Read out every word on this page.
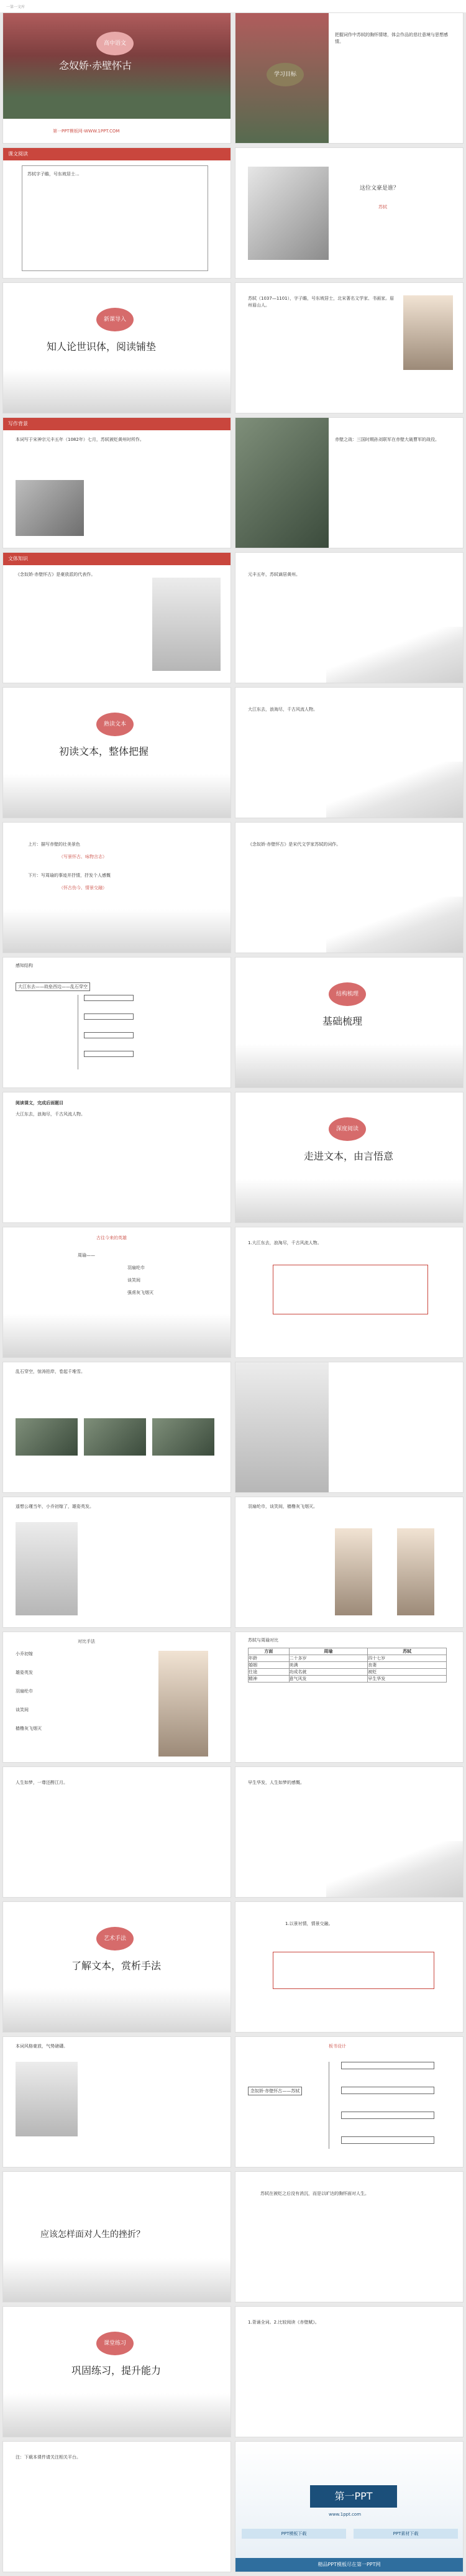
一第一文库
高中语文
念奴娇·赤壁怀古
第一PPT模板网-WWW.1PPT.COM
学习目标
把握词作中苏轼的胸怀情绪，体会作品的悲壮意境与思想感情。
课文阅读
苏轼字子瞻，号东坡居士...
这位文豪是谁？
苏轼
新课导入
知人论世识体，阅读铺垫
苏轼（1037—1101），字子瞻，号东坡居士，北宋著名文学家、书画家。眉州眉山人。
写作背景
本词写于宋神宗元丰五年（1082年）七月，苏轼被贬黄州时所作。	赤壁之战：三国时期孙刘联军在赤壁大破曹军的战役。
文体知识
《念奴娇·赤壁怀古》是豪放派的代表作。	元丰五年，苏轼谪居黄州。
熟读文本
初读文本，整体把握
大江东去，浪淘尽，千古风流人物。
上片：描写赤壁的壮美景色
（写景怀古、咏物言志）
下片：写周瑜的事迹并抒情，抒发个人感慨
（怀古伤今、情景交融）
《念奴娇·赤壁怀古》是宋代文学家苏轼的词作。
感知结构
大江东去——故垒西边——乱石穿空
结构梳理
基础梳理
阅读课文，完成后面题目
大江东去，浪淘尽，千古风流人物。
深度阅读
走进文本，由言悟意
古往今来的英雄
周瑜——
羽扇纶巾
谈笑间
强虏灰飞烟灭
1.大江东去，浪淘尽，千古风流人物。
乱石穿空，惊涛拍岸，卷起千堆雪。
遥想公瑾当年，小乔初嫁了，雄姿英发。	羽扇纶巾，谈笑间，樯橹灰飞烟灭。
对比手法
小乔初嫁
雄姿英发
羽扇纶巾
谈笑间
樯橹灰飞烟灭
苏轼与周瑜对比
方面	周瑜	苏轼
年龄	二十多岁	四十七岁
婚姻	美满	丧妻
仕途	功成名就	被贬
精神	意气风发	早生华发
人生如梦，一尊还酹江月。	早生华发，人生如梦的感慨。
艺术手法
了解文本，赏析手法
1.以景衬情，情景交融。
本词风格豪放，气势磅礴。	板书设计
念奴娇·赤壁怀古——苏轼
应该怎样面对人生的挫折？
苏轼在被贬之后没有消沉，而是以旷达的胸怀面对人生。
课堂练习
巩固练习，提升能力
1.背诵全词。2.比较阅读《赤壁赋》。
注：下载本课件请关注相关平台。
第一PPT
www.1ppt.com
PPT模板下载	PPT素材下载
精品PPT模板尽在第一PPT网
